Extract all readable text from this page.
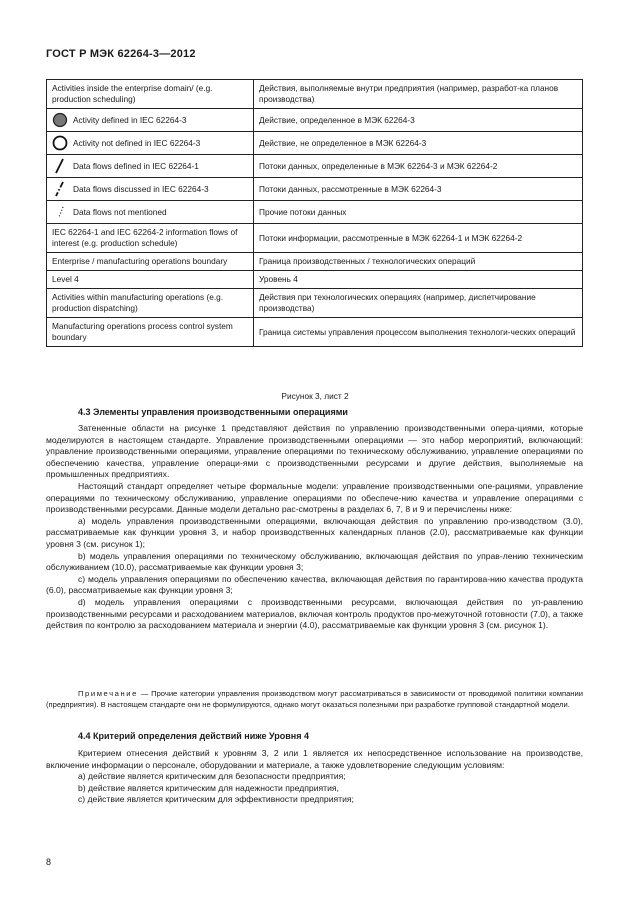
ГОСТ Р МЭК 62264-3—2012
Activities inside the enterprise domain/ (e.g. production scheduling)	Действия, выполняемые внутри предприятия (например, разработ-ка планов производства)

Activity defined in IEC 62264-3	Действие, определенное в МЭК 62264-3

Activity not defined in IEC 62264-3	Действие, не определенное в МЭК 62264-3

Data flows defined in IEC 62264-1	Потоки данных, определенные в МЭК 62264-3 и МЭК 62264-2

Data flows discussed in IEC 62264-3	Потоки данных, рассмотренные в МЭК 62264-3

Data flows not mentioned	Прочие потоки данных

IEC 62264-1 and IEC 62264-2 information flows of interest (e.g. production schedule)	Потоки информации, рассмотренные в МЭК 62264-1 и МЭК 62264-2

Enterprise / manufacturing operations boundary	Граница производственных / технологических операций

Level 4	Уровень 4

Activities within manufacturing operations (e.g. production dispatching)	Действия при технологических операциях (например, диспетчирование производства)

Manufacturing operations process control system boundary	Граница системы управления процессом выполнения технологи-ческих операций
Рисунок 3, лист 2
4.3 Элементы управления производственными операциями

Затененные области на рисунке 1 представляют действия по управлению производственными опера-циями, которые моделируются в настоящем стандарте. Управление производственными операциями — это набор мероприятий, включающий: управление производственными операциями, управление операциями по техническому обслуживанию, управление операциями по обеспечению качества, управление операци-ями с производственными ресурсами и другие действия, выполняемые на промышленных предприятиях.

Настоящий стандарт определяет четыре формальные модели: управление производственными опе-рациями, управление операциями по техническому обслуживанию, управление операциями по обеспече-нию качества и управление операциями с производственными ресурсами. Данные модели детально рас-смотрены в разделах 6, 7, 8 и 9 и перечислены ниже:

а) модель управления производственными операциями, включающая действия по управлению про-изводством (3.0), рассматриваемые как функции уровня 3, и набор производственных календарных планов (2.0), рассматриваемые как функции уровня 3 (см. рисунок 1);

b) модель управления операциями по техническому обслуживанию, включающая действия по управ-лению техническим обслуживанием (10.0), рассматриваемые как функции уровня 3;

с) модель управления операциями по обеспечению качества, включающая действия по гарантирова-нию качества продукта (6.0), рассматриваемые как функции уровня 3;

d) модель управления операциями с производственными ресурсами, включающая действия по уп-равлению производственными ресурсами и расходованием материалов, включая контроль продуктов про-межуточной готовности (7.0), а также действия по контролю за расходованием материала и энергии (4.0), рассматриваемые как функции уровня 3 (см. рисунок 1).

Примечание — Прочие категории управления производством могут рассматриваться в зависимости от проводимой политики компании (предприятия). В настоящем стандарте они не формулируются, однако могут оказаться полезными при разработке групповой стандартной модели.

4.4 Критерий определения действий ниже Уровня 4

Критерием отнесения действий к уровням 3, 2 или 1 является их непосредственное использование на производстве, включение информации о персонале, оборудовании и материале, а также удовлетворение следующим условиям:

а) действие является критическим для безопасности предприятия;

b) действие является критическим для надежности предприятия,

с) действие является критическим для эффективности предприятия;

8
